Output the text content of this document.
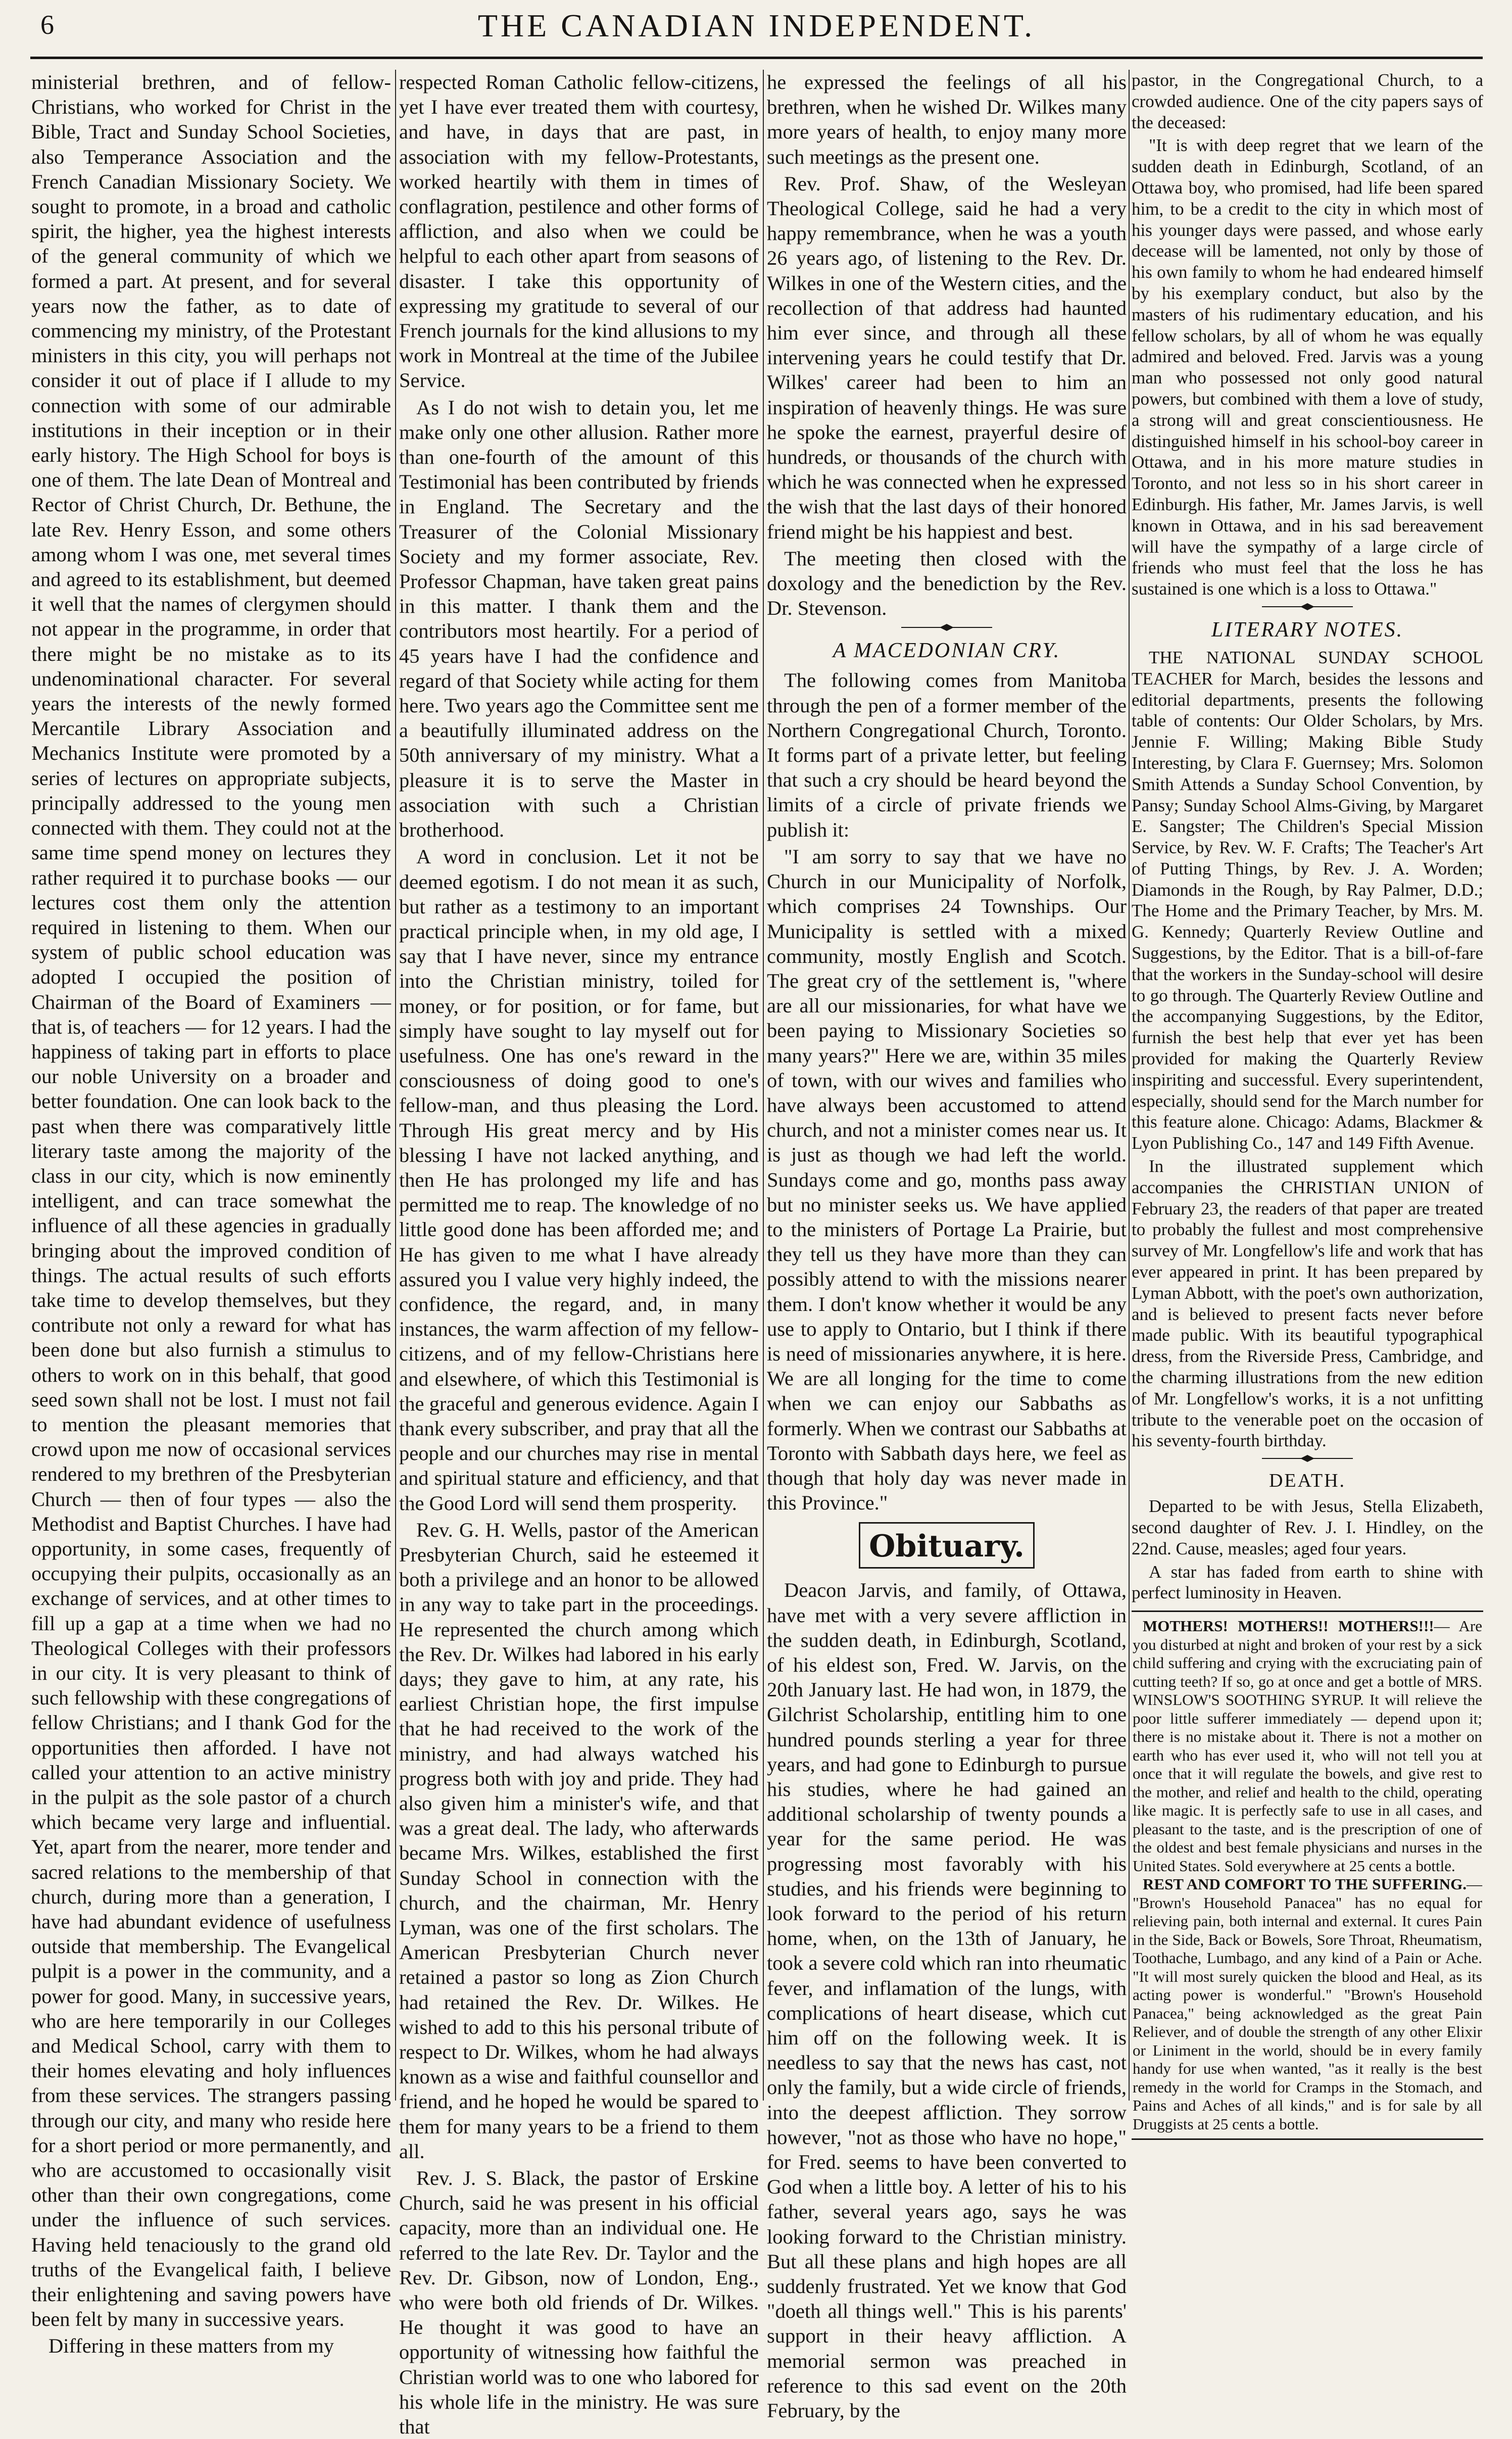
6	THE CANADIAN INDEPENDENT.

ministerial brethren, and of fellow-Christians, who worked for Christ in the Bible, Tract and Sunday School Societies, also Temperance Association and the French Canadian Missionary Society. We sought to promote, in a broad and catholic spirit, the higher, yea the highest interests of the general community of which we formed a part. At present, and for several years now the father, as to date of commencing my ministry, of the Protestant ministers in this city, you will perhaps not consider it out of place if I allude to my connection with some of our admirable institutions in their inception or in their early history. The High School for boys is one of them. The late Dean of Montreal and Rector of Christ Church, Dr. Bethune, the late Rev. Henry Esson, and some others among whom I was one, met several times and agreed to its establishment, but deemed it well that the names of clergymen should not appear in the programme, in order that there might be no mistake as to its undenominational character. For several years the interests of the newly formed Mercantile Library Association and Mechanics Institute were promoted by a series of lectures on appropriate subjects, principally addressed to the young men connected with them. They could not at the same time spend money on lectures they rather required it to purchase books — our lectures cost them only the attention required in listening to them. When our system of public school education was adopted I occupied the position of Chairman of the Board of Examiners — that is, of teachers — for 12 years. I had the happiness of taking part in efforts to place our noble University on a broader and better foundation. One can look back to the past when there was comparatively little literary taste among the majority of the class in our city, which is now eminently intelligent, and can trace somewhat the influence of all these agencies in gradually bringing about the improved condition of things. The actual results of such efforts take time to develop themselves, but they contribute not only a reward for what has been done but also furnish a stimulus to others to work on in this behalf, that good seed sown shall not be lost. I must not fail to mention the pleasant memories that crowd upon me now of occasional services rendered to my brethren of the Presbyterian Church — then of four types — also the Methodist and Baptist Churches. I have had opportunity, in some cases, frequently of occupying their pulpits, occasionally as an exchange of services, and at other times to fill up a gap at a time when we had no Theological Colleges with their professors in our city. It is very pleasant to think of such fellowship with these congregations of fellow Christians; and I thank God for the opportunities then afforded. I have not called your attention to an active ministry in the pulpit as the sole pastor of a church which became very large and influential. Yet, apart from the nearer, more tender and sacred relations to the membership of that church, during more than a generation, I have had abundant evidence of usefulness outside that membership. The Evangelical pulpit is a power in the community, and a power for good. Many, in successive years, who are here temporarily in our Colleges and Medical School, carry with them to their homes elevating and holy influences from these services. The strangers passing through our city, and many who reside here for a short period or more permanently, and who are accustomed to occasionally visit other than their own congregations, come under the influence of such services. Having held tenaciously to the grand old truths of the Evangelical faith, I believe their enlightening and saving powers have been felt by many in successive years.

Differing in these matters from my

respected Roman Catholic fellow-citizens, yet I have ever treated them with courtesy, and have, in days that are past, in association with my fellow-Protestants, worked heartily with them in times of conflagration, pestilence and other forms of affliction, and also when we could be helpful to each other apart from seasons of disaster. I take this opportunity of expressing my gratitude to several of our French journals for the kind allusions to my work in Montreal at the time of the Jubilee Service.

As I do not wish to detain you, let me make only one other allusion. Rather more than one-fourth of the amount of this Testimonial has been contributed by friends in England. The Secretary and the Treasurer of the Colonial Missionary Society and my former associate, Rev. Professor Chapman, have taken great pains in this matter. I thank them and the contributors most heartily. For a period of 45 years have I had the confidence and regard of that Society while acting for them here. Two years ago the Committee sent me a beautifully illuminated address on the 50th anniversary of my ministry. What a pleasure it is to serve the Master in association with such a Christian brotherhood.

A word in conclusion. Let it not be deemed egotism. I do not mean it as such, but rather as a testimony to an important practical principle when, in my old age, I say that I have never, since my entrance into the Christian ministry, toiled for money, or for position, or for fame, but simply have sought to lay myself out for usefulness. One has one's reward in the consciousness of doing good to one's fellow-man, and thus pleasing the Lord. Through His great mercy and by His blessing I have not lacked anything, and then He has prolonged my life and has permitted me to reap. The knowledge of no little good done has been afforded me; and He has given to me what I have already assured you I value very highly indeed, the confidence, the regard, and, in many instances, the warm affection of my fellow-citizens, and of my fellow-Christians here and elsewhere, of which this Testimonial is the graceful and generous evidence. Again I thank every subscriber, and pray that all the people and our churches may rise in mental and spiritual stature and efficiency, and that the Good Lord will send them prosperity.

Rev. G. H. Wells, pastor of the American Presbyterian Church, said he esteemed it both a privilege and an honor to be allowed in any way to take part in the proceedings. He represented the church among which the Rev. Dr. Wilkes had labored in his early days; they gave to him, at any rate, his earliest Christian hope, the first impulse that he had received to the work of the ministry, and had always watched his progress both with joy and pride. They had also given him a minister's wife, and that was a great deal. The lady, who afterwards became Mrs. Wilkes, established the first Sunday School in connection with the church, and the chairman, Mr. Henry Lyman, was one of the first scholars. The American Presbyterian Church never retained a pastor so long as Zion Church had retained the Rev. Dr. Wilkes. He wished to add to this his personal tribute of respect to Dr. Wilkes, whom he had always known as a wise and faithful counsellor and friend, and he hoped he would be spared to them for many years to be a friend to them all.

Rev. J. S. Black, the pastor of Erskine Church, said he was present in his official capacity, more than an individual one. He referred to the late Rev. Dr. Taylor and the Rev. Dr. Gibson, now of London, Eng., who were both old friends of Dr. Wilkes. He thought it was good to have an opportunity of witnessing how faithful the Christian world was to one who labored for his whole life in the ministry. He was sure that

he expressed the feelings of all his brethren, when he wished Dr. Wilkes many more years of health, to enjoy many more such meetings as the present one.

Rev. Prof. Shaw, of the Wesleyan Theological College, said he had a very happy remembrance, when he was a youth 26 years ago, of listening to the Rev. Dr. Wilkes in one of the Western cities, and the recollection of that address had haunted him ever since, and through all these intervening years he could testify that Dr. Wilkes' career had been to him an inspiration of heavenly things. He was sure he spoke the earnest, prayerful desire of hundreds, or thousands of the church with which he was connected when he expressed the wish that the last days of their honored friend might be his happiest and best.

The meeting then closed with the doxology and the benediction by the Rev. Dr. Stevenson.

A MACEDONIAN CRY.

The following comes from Manitoba through the pen of a former member of the Northern Congregational Church, Toronto. It forms part of a private letter, but feeling that such a cry should be heard beyond the limits of a circle of private friends we publish it:

"I am sorry to say that we have no Church in our Municipality of Norfolk, which comprises 24 Townships. Our Municipality is settled with a mixed community, mostly English and Scotch. The great cry of the settlement is, "where are all our missionaries, for what have we been paying to Missionary Societies so many years?" Here we are, within 35 miles of town, with our wives and families who have always been accustomed to attend church, and not a minister comes near us. It is just as though we had left the world. Sundays come and go, months pass away but no minister seeks us. We have applied to the ministers of Portage La Prairie, but they tell us they have more than they can possibly attend to with the missions nearer them. I don't know whether it would be any use to apply to Ontario, but I think if there is need of missionaries anywhere, it is here. We are all longing for the time to come when we can enjoy our Sabbaths as formerly. When we contrast our Sabbaths at Toronto with Sabbath days here, we feel as though that holy day was never made in this Province."

Obituary.

Deacon Jarvis, and family, of Ottawa, have met with a very severe affliction in the sudden death, in Edinburgh, Scotland, of his eldest son, Fred. W. Jarvis, on the 20th January last. He had won, in 1879, the Gilchrist Scholarship, entitling him to one hundred pounds sterling a year for three years, and had gone to Edinburgh to pursue his studies, where he had gained an additional scholarship of twenty pounds a year for the same period. He was progressing most favorably with his studies, and his friends were beginning to look forward to the period of his return home, when, on the 13th of January, he took a severe cold which ran into rheumatic fever, and inflamation of the lungs, with complications of heart disease, which cut him off on the following week. It is needless to say that the news has cast, not only the family, but a wide circle of friends, into the deepest affliction. They sorrow however, "not as those who have no hope," for Fred. seems to have been converted to God when a little boy. A letter of his to his father, several years ago, says he was looking forward to the Christian ministry. But all these plans and high hopes are all suddenly frustrated. Yet we know that God "doeth all things well." This is his parents' support in their heavy affliction. A memorial sermon was preached in reference to this sad event on the 20th February, by the

pastor, in the Congregational Church, to a crowded audience. One of the city papers says of the deceased:

"It is with deep regret that we learn of the sudden death in Edinburgh, Scotland, of an Ottawa boy, who promised, had life been spared him, to be a credit to the city in which most of his younger days were passed, and whose early decease will be lamented, not only by those of his own family to whom he had endeared himself by his exemplary conduct, but also by the masters of his rudimentary education, and his fellow scholars, by all of whom he was equally admired and beloved. Fred. Jarvis was a young man who possessed not only good natural powers, but combined with them a love of study, a strong will and great conscientiousness. He distinguished himself in his school-boy career in Ottawa, and in his more mature studies in Toronto, and not less so in his short career in Edinburgh. His father, Mr. James Jarvis, is well known in Ottawa, and in his sad bereavement will have the sympathy of a large circle of friends who must feel that the loss he has sustained is one which is a loss to Ottawa."

LITERARY NOTES.

THE NATIONAL SUNDAY SCHOOL TEACHER for March, besides the lessons and editorial departments, presents the following table of contents: Our Older Scholars, by Mrs. Jennie F. Willing; Making Bible Study Interesting, by Clara F. Guernsey; Mrs. Solomon Smith Attends a Sunday School Convention, by Pansy; Sunday School Alms-Giving, by Margaret E. Sangster; The Children's Special Mission Service, by Rev. W. F. Crafts; The Teacher's Art of Putting Things, by Rev. J. A. Worden; Diamonds in the Rough, by Ray Palmer, D.D.; The Home and the Primary Teacher, by Mrs. M. G. Kennedy; Quarterly Review Outline and Suggestions, by the Editor. That is a bill-of-fare that the workers in the Sunday-school will desire to go through. The Quarterly Review Outline and the accompanying Suggestions, by the Editor, furnish the best help that ever yet has been provided for making the Quarterly Review inspiriting and successful. Every superintendent, especially, should send for the March number for this feature alone. Chicago: Adams, Blackmer & Lyon Publishing Co., 147 and 149 Fifth Avenue.

In the illustrated supplement which accompanies the CHRISTIAN UNION of February 23, the readers of that paper are treated to probably the fullest and most comprehensive survey of Mr. Longfellow's life and work that has ever appeared in print. It has been prepared by Lyman Abbott, with the poet's own authorization, and is believed to present facts never before made public. With its beautiful typographical dress, from the Riverside Press, Cambridge, and the charming illustrations from the new edition of Mr. Longfellow's works, it is a not unfitting tribute to the venerable poet on the occasion of his seventy-fourth birthday.

DEATH.

Departed to be with Jesus, Stella Elizabeth, second daughter of Rev. J. I. Hindley, on the 22nd. Cause, measles; aged four years.

A star has faded from earth to shine with perfect luminosity in Heaven.

MOTHERS! MOTHERS!! MOTHERS!!!— Are you disturbed at night and broken of your rest by a sick child suffering and crying with the excruciating pain of cutting teeth? If so, go at once and get a bottle of MRS. WINSLOW'S SOOTHING SYRUP. It will relieve the poor little sufferer immediately — depend upon it; there is no mistake about it. There is not a mother on earth who has ever used it, who will not tell you at once that it will regulate the bowels, and give rest to the mother, and relief and health to the child, operating like magic. It is perfectly safe to use in all cases, and pleasant to the taste, and is the prescription of one of the oldest and best female physicians and nurses in the United States. Sold everywhere at 25 cents a bottle.

REST AND COMFORT TO THE SUFFERING.— "Brown's Household Panacea" has no equal for relieving pain, both internal and external. It cures Pain in the Side, Back or Bowels, Sore Throat, Rheumatism, Toothache, Lumbago, and any kind of a Pain or Ache. "It will most surely quicken the blood and Heal, as its acting power is wonderful." "Brown's Household Panacea," being acknowledged as the great Pain Reliever, and of double the strength of any other Elixir or Liniment in the world, should be in every family handy for use when wanted, "as it really is the best remedy in the world for Cramps in the Stomach, and Pains and Aches of all kinds," and is for sale by all Druggists at 25 cents a bottle.
